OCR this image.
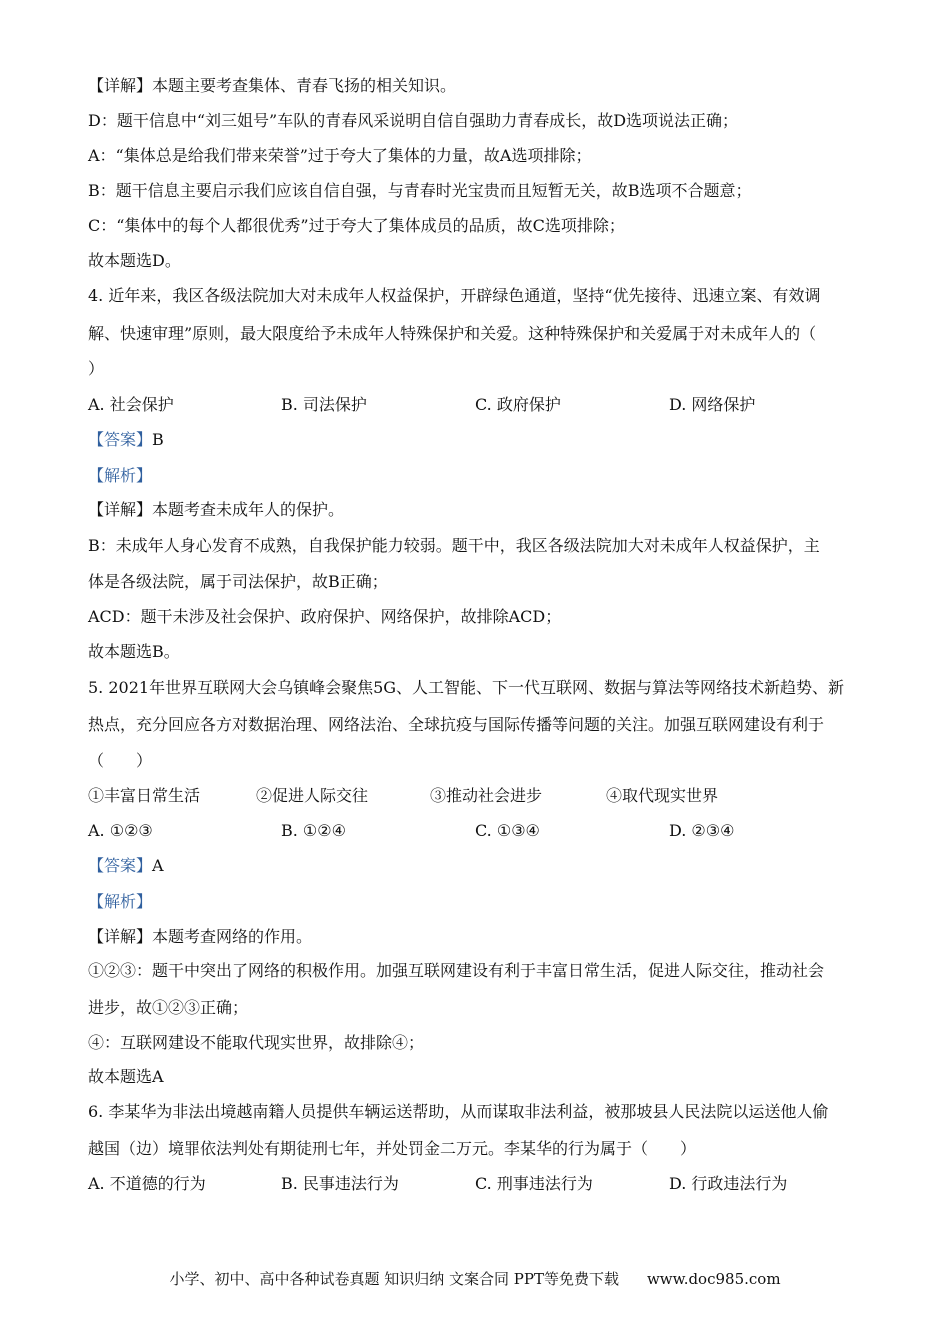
【详解】本题主要考查集体、青春飞扬的相关知识。
D：题干信息中“刘三姐号”车队的青春风采说明自信自强助力青春成长，故D选项说法正确；
A：“集体总是给我们带来荣誉”过于夸大了集体的力量，故A选项排除；
B：题干信息主要启示我们应该自信自强，与青春时光宝贵而且短暂无关，故B选项不合题意；
C：“集体中的每个人都很优秀”过于夸大了集体成员的品质，故C选项排除；
故本题选D。
4. 近年来，我区各级法院加大对未成年人权益保护，开辟绿色通道，坚持“优先接待、迅速立案、有效调
解、快速审理”原则，最大限度给予未成年人特殊保护和关爱。这种特殊保护和关爱属于对未成年人的（
）
A. 社会保护	B. 司法保护	C. 政府保护	D. 网络保护
【答案】B
【解析】
【详解】本题考查未成年人的保护。
B：未成年人身心发育不成熟，自我保护能力较弱。题干中，我区各级法院加大对未成年人权益保护，主
体是各级法院，属于司法保护，故B正确；
ACD：题干未涉及社会保护、政府保护、网络保护，故排除ACD；
故本题选B。
5. 2021年世界互联网大会乌镇峰会聚焦5G、人工智能、下一代互联网、数据与算法等网络技术新趋势、新
热点，充分回应各方对数据治理、网络法治、全球抗疫与国际传播等问题的关注。加强互联网建设有利于
（　　）
①丰富日常生活	②促进人际交往	③推动社会进步	④取代现实世界
A. ①②③	B. ①②④	C. ①③④	D. ②③④
【答案】A
【解析】
【详解】本题考查网络的作用。
①②③：题干中突出了网络的积极作用。加强互联网建设有利于丰富日常生活，促进人际交往，推动社会
进步，故①②③正确；
④：互联网建设不能取代现实世界，故排除④；
故本题选A
6. 李某华为非法出境越南籍人员提供车辆运送帮助，从而谋取非法利益，被那坡县人民法院以运送他人偷
越国（边）境罪依法判处有期徒刑七年，并处罚金二万元。李某华的行为属于（　　）
A. 不道德的行为	B. 民事违法行为	C. 刑事违法行为	D. 行政违法行为
小学、初中、高中各种试卷真题 知识归纳 文案合同 PPT等免费下载 www.doc985.com
